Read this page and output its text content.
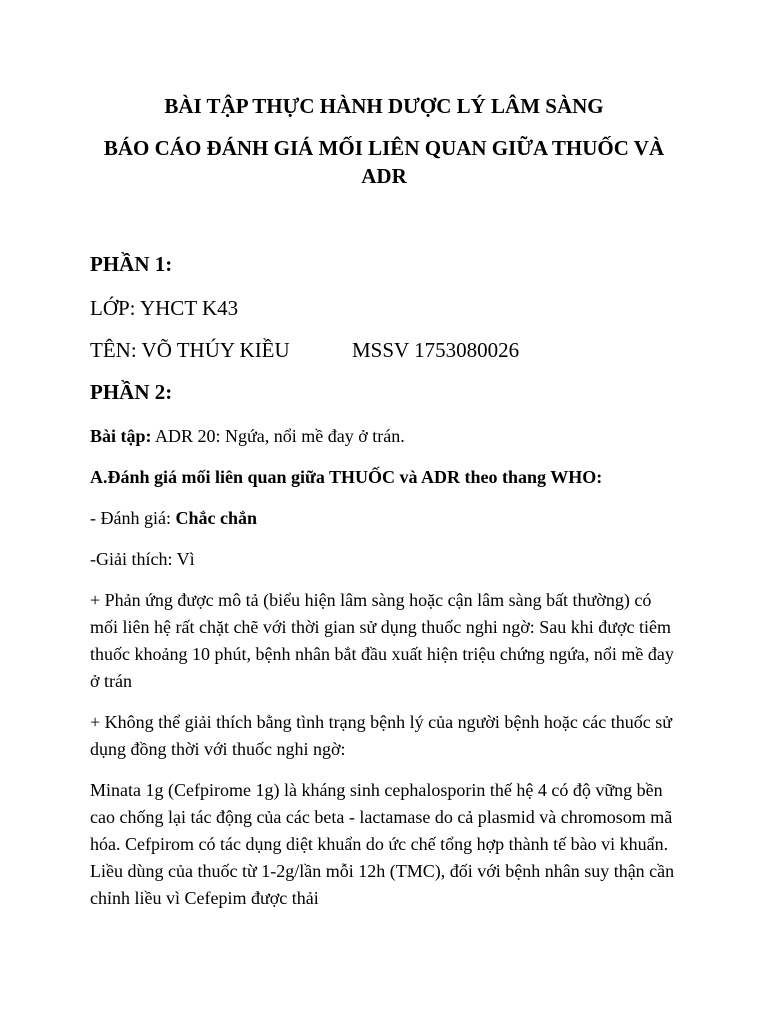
BÀI TẬP THỰC HÀNH DƯỢC LÝ LÂM SÀNG

BÁO CÁO ĐÁNH GIÁ MỐI LIÊN QUAN GIỮA THUỐC VÀ ADR

PHẦN 1:

LỚP: YHCT K43

TÊN: VÕ THÚY KIỀU	MSSV 1753080026

PHẦN 2:

Bài tập: ADR 20: Ngứa, nổi mề đay ở trán.

A.Đánh giá mối liên quan giữa THUỐC và ADR theo thang WHO:

- Đánh giá: Chắc chắn

-Giải thích: Vì

+ Phản ứng được mô tả (biểu hiện lâm sàng hoặc cận lâm sàng bất thường) có mối liên hệ rất chặt chẽ với thời gian sử dụng thuốc nghi ngờ: Sau khi được tiêm thuốc khoảng 10 phút, bệnh nhân bắt đầu xuất hiện triệu chứng ngứa, nổi mề đay ở trán

+ Không thể giải thích bằng tình trạng bệnh lý của người bệnh hoặc các thuốc sử dụng đồng thời với thuốc nghi ngờ:

Minata 1g (Cefpirome 1g) là kháng sinh cephalosporin thế hệ 4 có độ vững bền cao chống lại tác động của các beta - lactamase do cả plasmid và chromosom mã hóa. Cefpirom có tác dụng diệt khuẩn do ức chế tổng hợp thành tế bào vi khuẩn. Liều dùng của thuốc từ 1-2g/lần mỗi 12h (TMC), đối với bệnh nhân suy thận cần chỉnh liều vì Cefepim được thải
